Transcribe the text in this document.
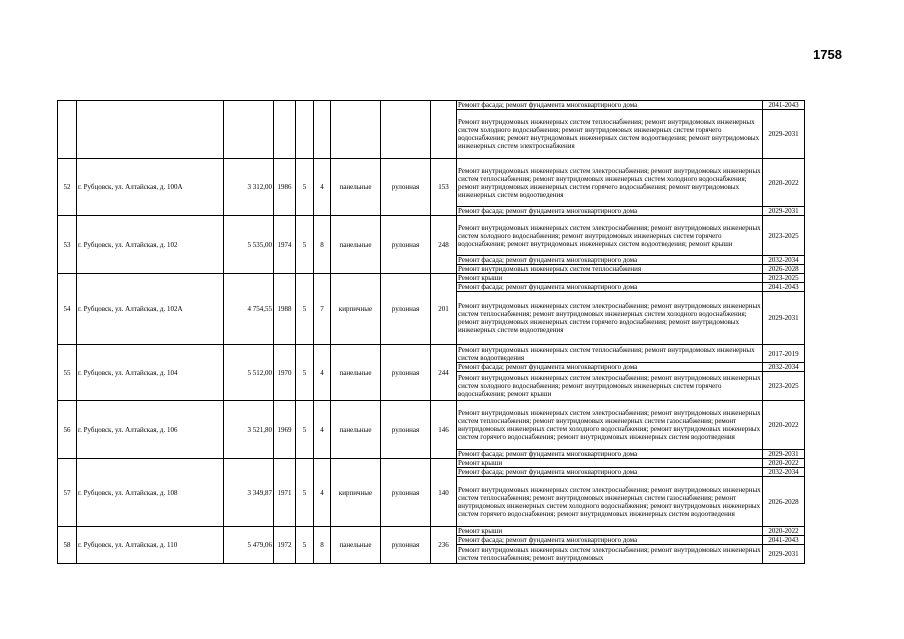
1758
									Ремонт фасада; ремонт фундамента многоквартирного дома	2041-2043
									Ремонт внутридомовых инженерных систем теплоснабжения; ремонт внутридомовых инженерных систем холодного водоснабжения; ремонт внутридомовых инженерных систем горячего водоснабжения; ремонт внутридомовых инженерных систем водоотведения; ремонт внутридомовых инженерных систем электроснабжения	2029-2031
52	г. Рубцовск, ул. Алтайская, д. 100А	3 312,00	1986	5	4	панельные	рулонная	153	Ремонт внутридомовых инженерных систем электроснабжения; ремонт внутридомовых инженерных систем теплоснабжения; ремонт внутридомовых инженерных систем холодного водоснабжения; ремонт внутридомовых инженерных систем горячего водоснабжения; ремонт внутридомовых инженерных систем водоотведения	2020-2022
									Ремонт фасада; ремонт фундамента многоквартирного дома	2029-2031
53	г. Рубцовск, ул. Алтайская, д. 102	5 535,00	1974	5	8	панельные	рулонная	248	Ремонт внутридомовых инженерных систем электроснабжения; ремонт внутридомовых инженерных систем холодного водоснабжения; ремонт внутридомовых инженерных систем горячего водоснабжения; ремонт внутридомовых инженерных систем водоотведения; ремонт крыши	2023-2025
									Ремонт фасада; ремонт фундамента многоквартирного дома	2032-2034
									Ремонт внутридомовых инженерных систем теплоснабжения	2026-2028
54	г. Рубцовск, ул. Алтайская, д. 102А	4 754,55	1988	5	7	кирпичные	рулонная	201	Ремонт крыши	2023-2025
									Ремонт фасада; ремонт фундамента многоквартирного дома	2041-2043
									Ремонт внутридомовых инженерных систем электроснабжения; ремонт внутридомовых инженерных систем теплоснабжения; ремонт внутридомовых инженерных систем холодного водоснабжения; ремонт внутридомовых инженерных систем горячего водоснабжения; ремонт внутридомовых инженерных систем водоотведения	2029-2031
55	г. Рубцовск, ул. Алтайская, д. 104	5 512,00	1970	5	4	панельные	рулонная	244	Ремонт внутридомовых инженерных систем теплоснабжения; ремонт внутридомовых инженерных систем водоотведения	2017-2019
									Ремонт фасада; ремонт фундамента многоквартирного дома	2032-2034
									Ремонт внутридомовых инженерных систем электроснабжения; ремонт внутридомовых инженерных систем холодного водоснабжения; ремонт внутридомовых инженерных систем горячего водоснабжения; ремонт крыши	2023-2025
56	г. Рубцовск, ул. Алтайская, д. 106	3 521,80	1969	5	4	панельные	рулонная	146	Ремонт внутридомовых инженерных систем электроснабжения; ремонт внутридомовых инженерных систем теплоснабжения; ремонт внутридомовых инженерных систем газоснабжения; ремонт внутридомовых инженерных систем холодного водоснабжения; ремонт внутридомовых инженерных систем горячего водоснабжения; ремонт внутридомовых инженерных систем водоотведения	2020-2022
									Ремонт фасада; ремонт фундамента многоквартирного дома	2029-2031
57	г. Рубцовск, ул. Алтайская, д. 108	3 349,87	1971	5	4	кирпичные	рулонная	140	Ремонт крыши	2020-2022
									Ремонт фасада; ремонт фундамента многоквартирного дома	2032-2034
									Ремонт внутридомовых инженерных систем электроснабжения; ремонт внутридомовых инженерных систем теплоснабжения; ремонт внутридомовых инженерных систем газоснабжения; ремонт внутридомовых инженерных систем холодного водоснабжения; ремонт внутридомовых инженерных систем горячего водоснабжения; ремонт внутридомовых инженерных систем водоотведения	2026-2028
58	г. Рубцовск, ул. Алтайская, д. 110	5 479,06	1972	5	8	панельные	рулонная	236	Ремонт крыши	2020-2022
									Ремонт фасада; ремонт фундамента многоквартирного дома	2041-2043
									Ремонт внутридомовых инженерных систем электроснабжения; ремонт внутридомовых инженерных систем теплоснабжения; ремонт внутридомовых	2029-2031
